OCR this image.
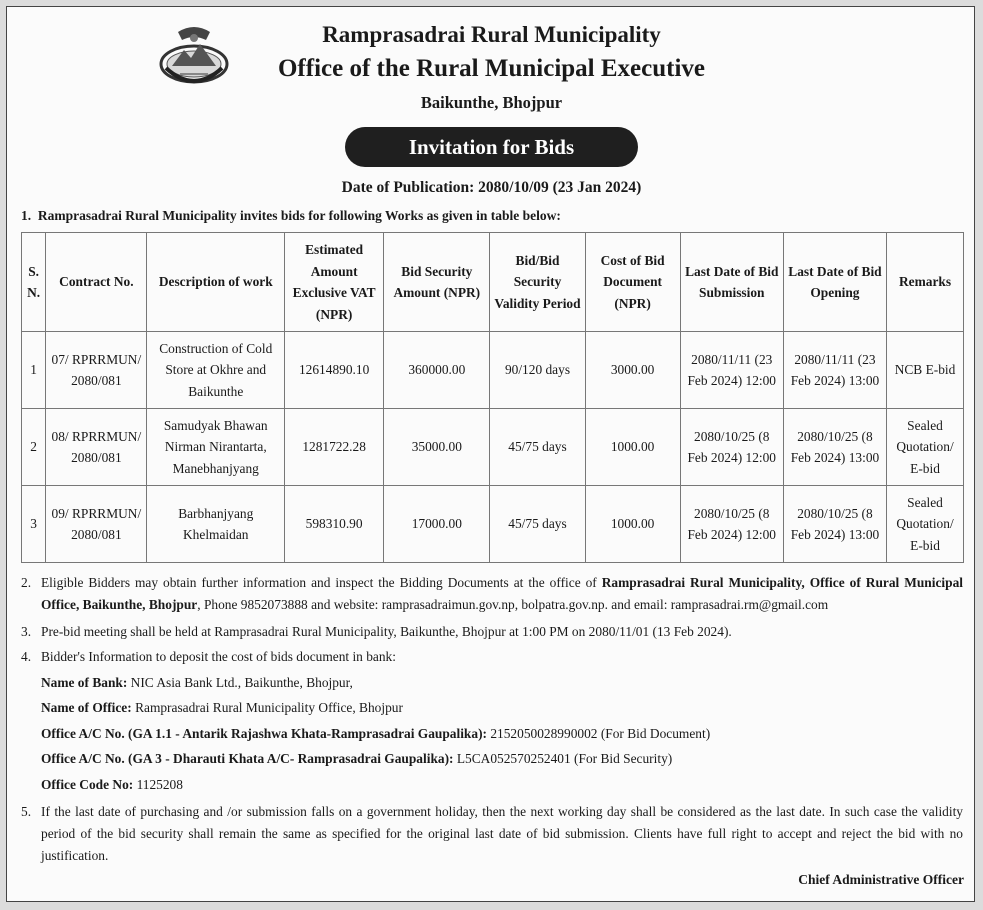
Ramprasadrai Rural Municipality
Office of the Rural Municipal Executive
Baikunthe, Bhojpur
Invitation for Bids
Date of Publication: 2080/10/09 (23 Jan 2024)
1. Ramprasadrai Rural Municipality invites bids for following Works as given in table below:
S. N.	Contract No.	Description of work	Estimated Amount Exclusive VAT (NPR)	Bid Security Amount (NPR)	Bid/Bid Security Validity Period	Cost of Bid Document (NPR)	Last Date of Bid Submission	Last Date of Bid Opening	Remarks
1	07/ RPRRMUN/ 2080/081	Construction of Cold Store at Okhre and Baikunthe	12614890.10	360000.00	90/120 days	3000.00	2080/11/11 (23 Feb 2024) 12:00	2080/11/11 (23 Feb 2024) 13:00	NCB E-bid
2	08/ RPRRMUN/ 2080/081	Samudyak Bhawan Nirman Nirantarta, Manebhanjyang	1281722.28	35000.00	45/75 days	1000.00	2080/10/25 (8 Feb 2024) 12:00	2080/10/25 (8 Feb 2024) 13:00	Sealed Quotation/ E-bid
3	09/ RPRRMUN/ 2080/081	Barbhanjyang Khelmaidan	598310.90	17000.00	45/75 days	1000.00	2080/10/25 (8 Feb 2024) 12:00	2080/10/25 (8 Feb 2024) 13:00	Sealed Quotation/ E-bid
2. Eligible Bidders may obtain further information and inspect the Bidding Documents at the office of Ramprasadrai Rural Municipality, Office of Rural Municipal Office, Baikunthe, Bhojpur, Phone 9852073888 and website: ramprasadraimun.gov.np, bolpatra.gov.np. and email: ramprasadrai.rm@gmail.com
3. Pre-bid meeting shall be held at Ramprasadrai Rural Municipality, Baikunthe, Bhojpur at 1:00 PM on 2080/11/01 (13 Feb 2024).
4. Bidder's Information to deposit the cost of bids document in bank:
Name of Bank: NIC Asia Bank Ltd., Baikunthe, Bhojpur,
Name of Office: Ramprasadrai Rural Municipality Office, Bhojpur
Office A/C No. (GA 1.1 - Antarik Rajashwa Khata-Ramprasadrai Gaupalika): 2152050028990002 (For Bid Document)
Office A/C No. (GA 3 - Dharauti Khata A/C- Ramprasadrai Gaupalika): L5CA052570252401 (For Bid Security)
Office Code No: 1125208
5. If the last date of purchasing and /or submission falls on a government holiday, then the next working day shall be considered as the last date. In such case the validity period of the bid security shall remain the same as specified for the original last date of bid submission. Clients have full right to accept and reject the bid with no justification.
Chief Administrative Officer
